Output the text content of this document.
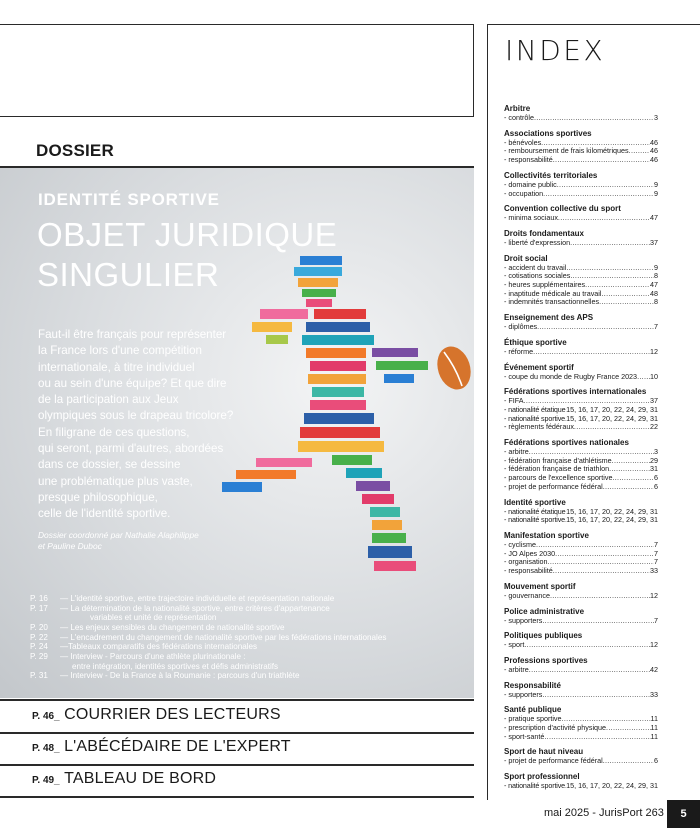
DOSSIER
IDENTITÉ SPORTIVE
OBJET JURIDIQUE
SINGULIER
Faut-il être français pour représenter
la France lors d'une compétition
internationale, à titre individuel
ou au sein d'une équipe? Et que dire
de la participation aux Jeux
olympiques sous le drapeau tricolore?
En filigrane de ces questions,
qui seront, parmi d'autres, abordées
dans ce dossier, se dessine
une problématique plus vaste,
presque philosophique,
celle de l'identité sportive.
Dossier coordonné par Nathalie Alaphilippe
et Pauline Duboc
P. 16	— L'identité sportive, entre trajectoire individuelle et représentation nationale
P. 17	— La détermination de la nationalité sportive, entre critères d'appartenance
variables et unité de représentation
P. 20	— Les enjeux sensibles du changement de nationalité sportive
P. 22	— L'encadrement du changement de nationalité sportive par les fédérations internationales
P. 24	—Tableaux comparatifs des fédérations internationales
P. 29	— Interview - Parcours d'une athlète plurinationale :
entre intégration, identités sportives et défis administratifs
P. 31	— Interview - De la France à la Roumanie : parcours d'un triathlète
P. 46_ COURRIER DES LECTEURS
P. 48_ L'ABÉCÉDAIRE DE L'EXPERT
P. 49_ TABLEAU DE BORD
INDEX
Arbitre
- contrôle .....	3
Associations sportives
- bénévoles .....	46
- remboursement de frais kilométriques .....	46
- responsabilité .....	46
Collectivités territoriales
- domaine public .....	9
- occupation .....	9
Convention collective du sport
- minima sociaux .....	47
Droits fondamentaux
- liberté d'expression .....	37
Droit social
- accident du travail .....	9
- cotisations sociales .....	8
- heures supplémentaires .....	47
- inaptitude médicale au travail .....	48
- indemnités transactionnelles .....	8
Enseignement des APS
- diplômes .....	7
Éthique sportive
- réforme .....	12
Événement sportif
- coupe du monde de Rugby France 2023 ..... 10
Fédérations sportives internationales
- FIFA .....	37
- nationalité étatique ..... 15, 16, 17, 20, 22, 24, 29, 31
- nationalité sportive ..... 15, 16, 17, 20, 22, 24, 29, 31
- règlements fédéraux .....	22
Fédérations sportives nationales
- arbitre .....	3
- fédération française d'athlétisme .....	29
- fédération française de triathlon .....	31
- parcours de l'excellence sportive .....	6
- projet de performance fédéral .....	6
Identité sportive
- nationalité étatique ..... 15, 16, 17, 20, 22, 24, 29, 31
- nationalité sportive ..... 15, 16, 17, 20, 22, 24, 29, 31
Manifestation sportive
- cyclisme .....	7
- JO Alpes 2030 .....	7
- organisation .....	7
- responsabilité .....	33
Mouvement sportif
- gouvernance .....	12
Police administrative
- supporters .....	7
Politiques publiques
- sport .....	12
Professions sportives
- arbitre .....	42
Responsabilité
- supporters .....	33
Santé publique
- pratique sportive .....	11
- prescription d'activité physique .....	11
- sport-santé .....	11
Sport de haut niveau
- projet de performance fédéral .....	6
Sport professionnel
- nationalité sportive ..... 15, 16, 17, 20, 22, 24, 29, 31
mai 2025 - JurisPort 263	5
